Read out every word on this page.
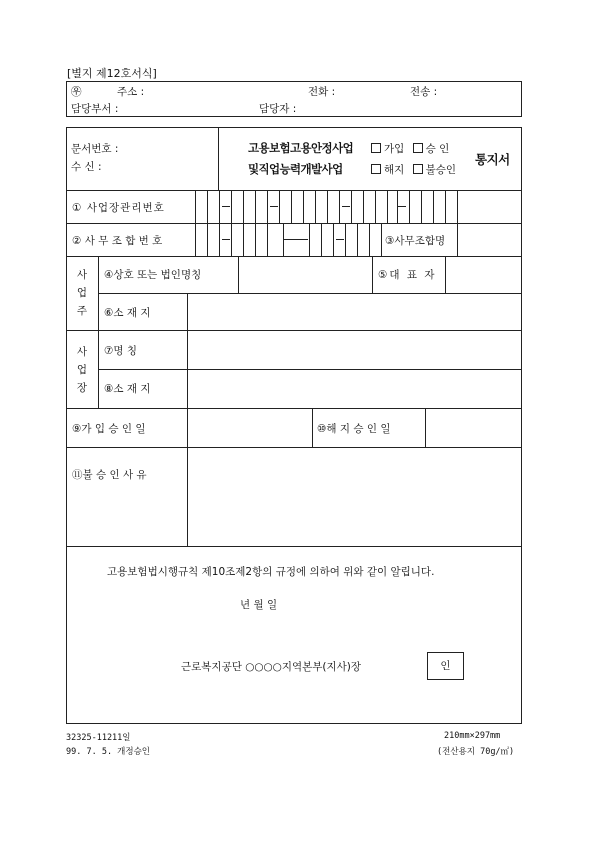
[별지 제12호서식]
㉾	주소 :	전화 :	전송 :
담당부서 :	담당자 :
문서번호 :
수 신 :
고용보험고용안정사업
및직업능력개발사업
가입 승 인
해지 불승인
통지서
① 사업장관리번호
② 사 무 조 합 번 호	③사무조합명
사
업
주
④상호 또는 법인명칭	⑤대 표 자
⑥소 재 지
사
업
장
⑦명 칭
⑧소 재 지
⑨가 입 승 인 일	⑩해 지 승 인 일
⑪불 승 인 사 유
고용보험법시행규칙 제10조제2항의 규정에 의하여 위와 같이 알립니다.
년 월 일
근로복지공단 ○○○○지역본부(지사)장	인
32325-11211일
99. 7. 5. 개정승인
210mm×297mm
(전산용지 70g/㎡)
